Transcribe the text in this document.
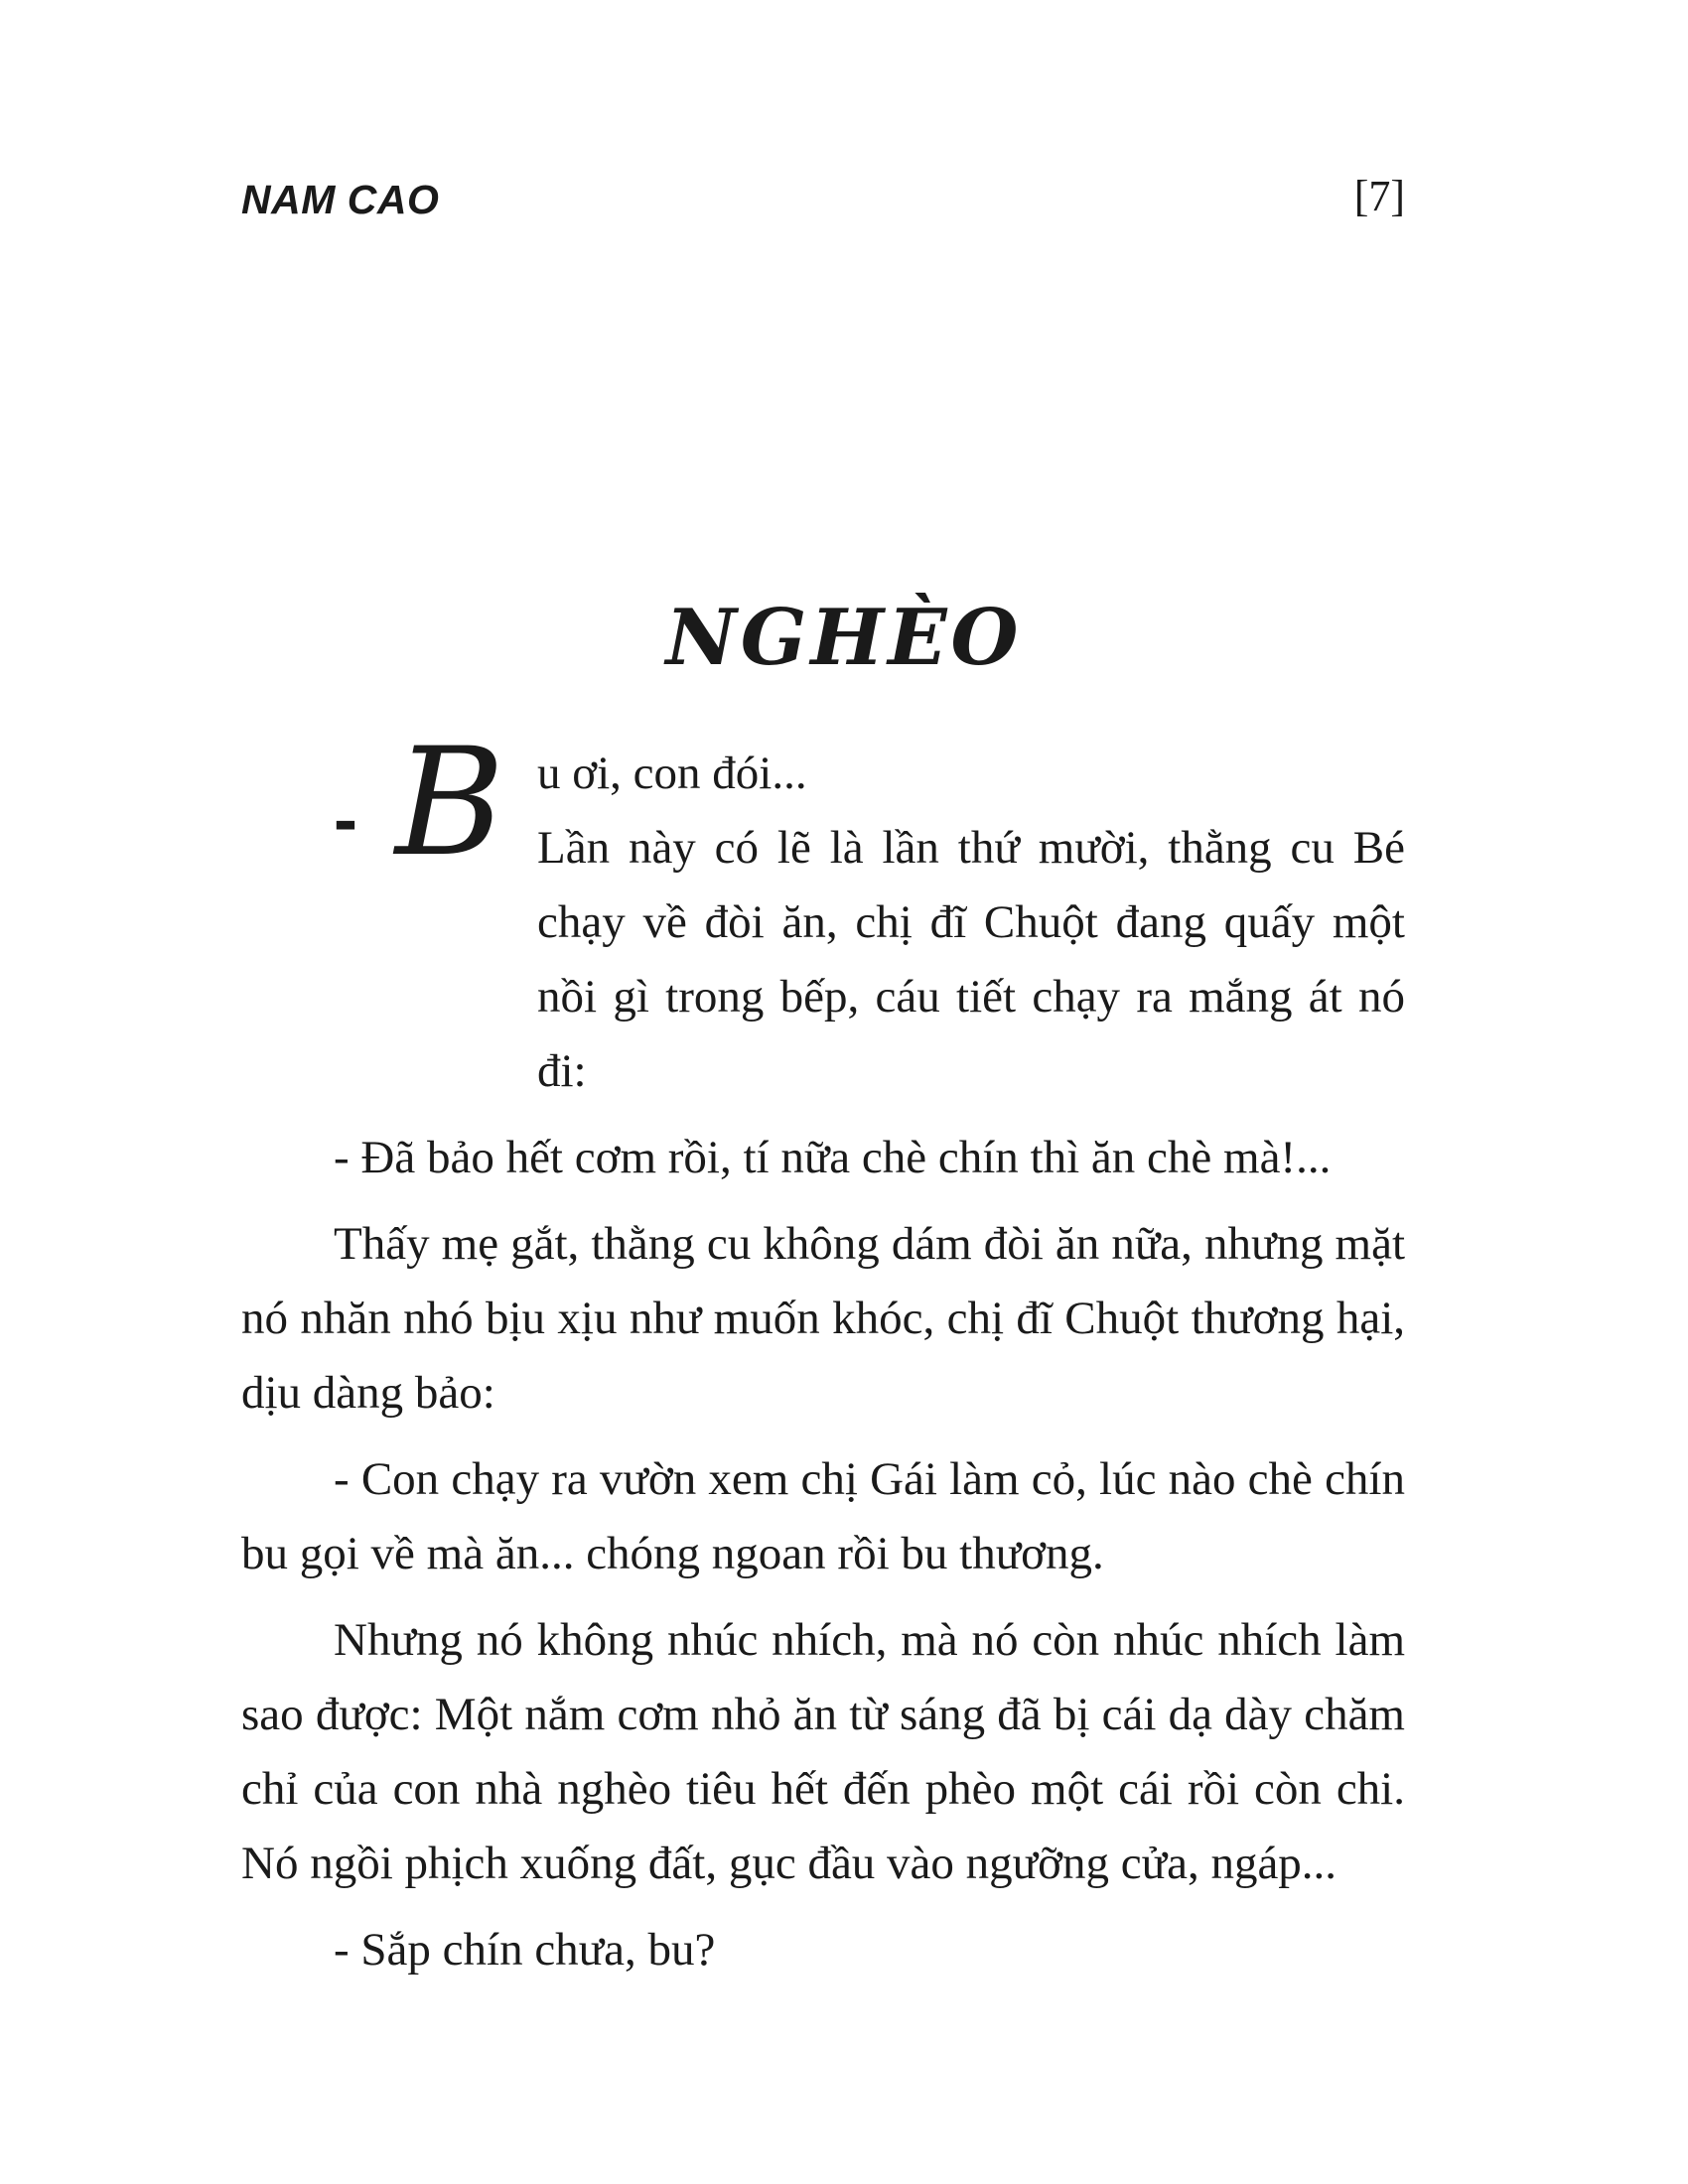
NAM CAO	[7]
NGHÈO

- B u ơi, con đói...
Lần này có lẽ là lần thứ mười, thằng cu Bé chạy về đòi ăn, chị đĩ Chuột đang quấy một nồi gì trong bếp, cáu tiết chạy ra mắng át nó đi:

- Đã bảo hết cơm rồi, tí nữa chè chín thì ăn chè mà!...

Thấy mẹ gắt, thằng cu không dám đòi ăn nữa, nhưng mặt nó nhăn nhó bịu xịu như muốn khóc, chị đĩ Chuột thương hại, dịu dàng bảo:

- Con chạy ra vườn xem chị Gái làm cỏ, lúc nào chè chín bu gọi về mà ăn... chóng ngoan rồi bu thương.

Nhưng nó không nhúc nhích, mà nó còn nhúc nhích làm sao được: Một nắm cơm nhỏ ăn từ sáng đã bị cái dạ dày chăm chỉ của con nhà nghèo tiêu hết đến phèo một cái rồi còn chi. Nó ngồi phịch xuống đất, gục đầu vào ngưỡng cửa, ngáp...

- Sắp chín chưa, bu?
